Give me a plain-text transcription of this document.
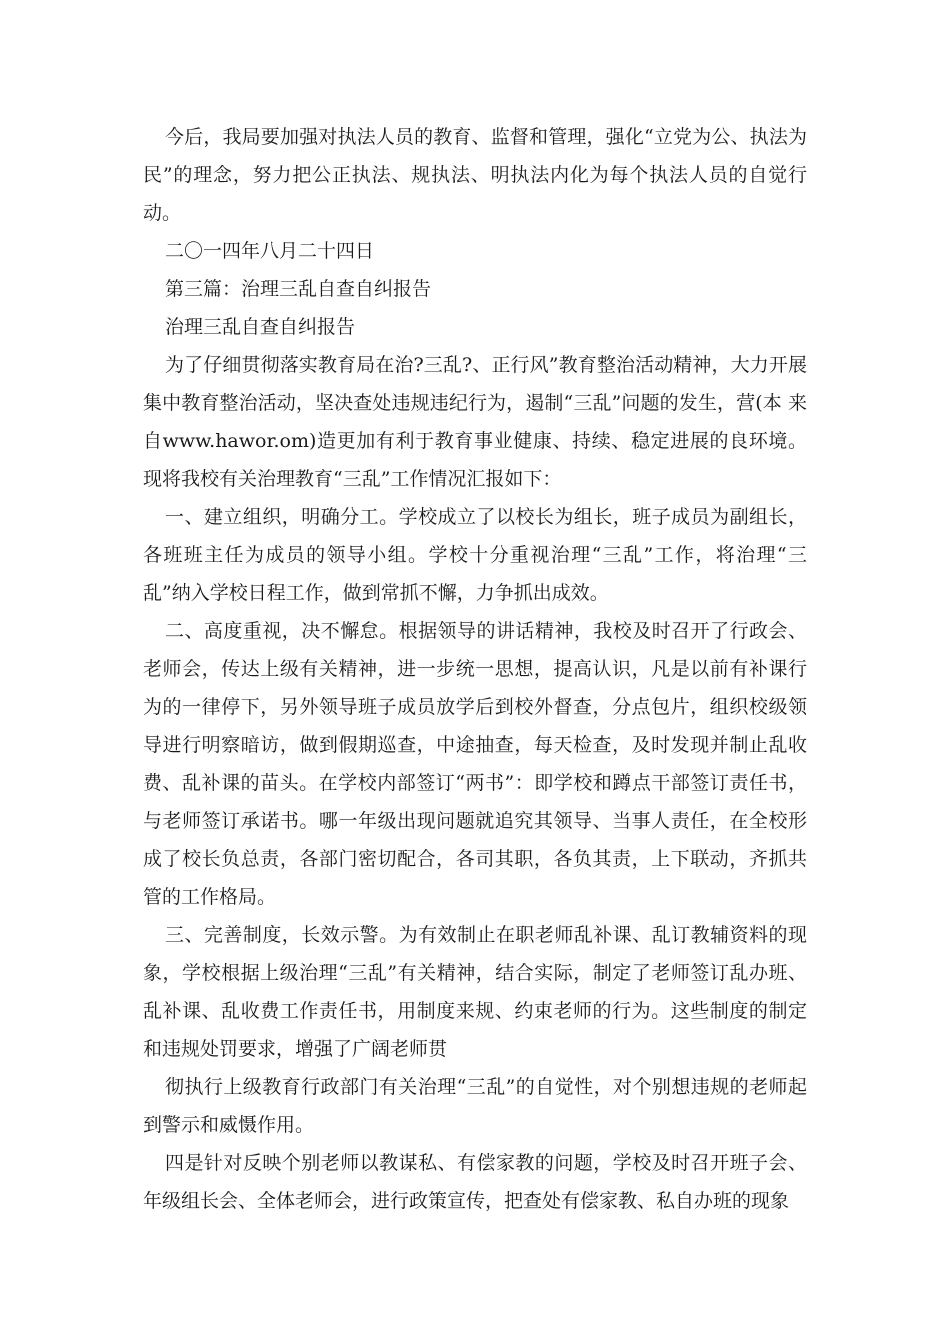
今后，我局要加强对执法人员的教育、监督和管理，强化“立党为公、执法为民”的理念，努力把公正执法、规执法、明执法内化为每个执法人员的自觉行动。

二〇一四年八月二十四日

第三篇：治理三乱自查自纠报告

治理三乱自查自纠报告

为了仔细贯彻落实教育局在治?三乱?、正行风”教育整治活动精神，大力开展集中教育整治活动，坚决查处违规违纪行为，遏制“三乱”问题的发生，营(本 来自www.hawor.om)造更加有利于教育事业健康、持续、稳定进展的良环境。现将我校有关治理教育“三乱”工作情况汇报如下：

一、建立组织，明确分工。学校成立了以校长为组长，班子成员为副组长，各班班主任为成员的领导小组。学校十分重视治理“三乱”工作，将治理“三乱”纳入学校日程工作，做到常抓不懈，力争抓出成效。

二、高度重视，决不懈怠。根据领导的讲话精神，我校及时召开了行政会、老师会，传达上级有关精神，进一步统一思想，提高认识，凡是以前有补课行为的一律停下，另外领导班子成员放学后到校外督查，分点包片，组织校级领导进行明察暗访，做到假期巡查，中途抽查，每天检查，及时发现并制止乱收费、乱补课的苗头。在学校内部签订“两书”：即学校和蹲点干部签订责任书，与老师签订承诺书。哪一年级出现问题就追究其领导、当事人责任，在全校形成了校长负总责，各部门密切配合，各司其职，各负其责，上下联动，齐抓共管的工作格局。

三、完善制度，长效示警。为有效制止在职老师乱补课、乱订教辅资料的现象，学校根据上级治理“三乱”有关精神，结合实际，制定了老师签订乱办班、乱补课、乱收费工作责任书，用制度来规、约束老师的行为。这些制度的制定和违规处罚要求，增强了广阔老师贯

彻执行上级教育行政部门有关治理“三乱”的自觉性，对个别想违规的老师起到警示和威慑作用。

四是针对反映个别老师以教谋私、有偿家教的问题，学校及时召开班子会、年级组长会、全体老师会，进行政策宣传，把查处有偿家教、私自办班的现象
